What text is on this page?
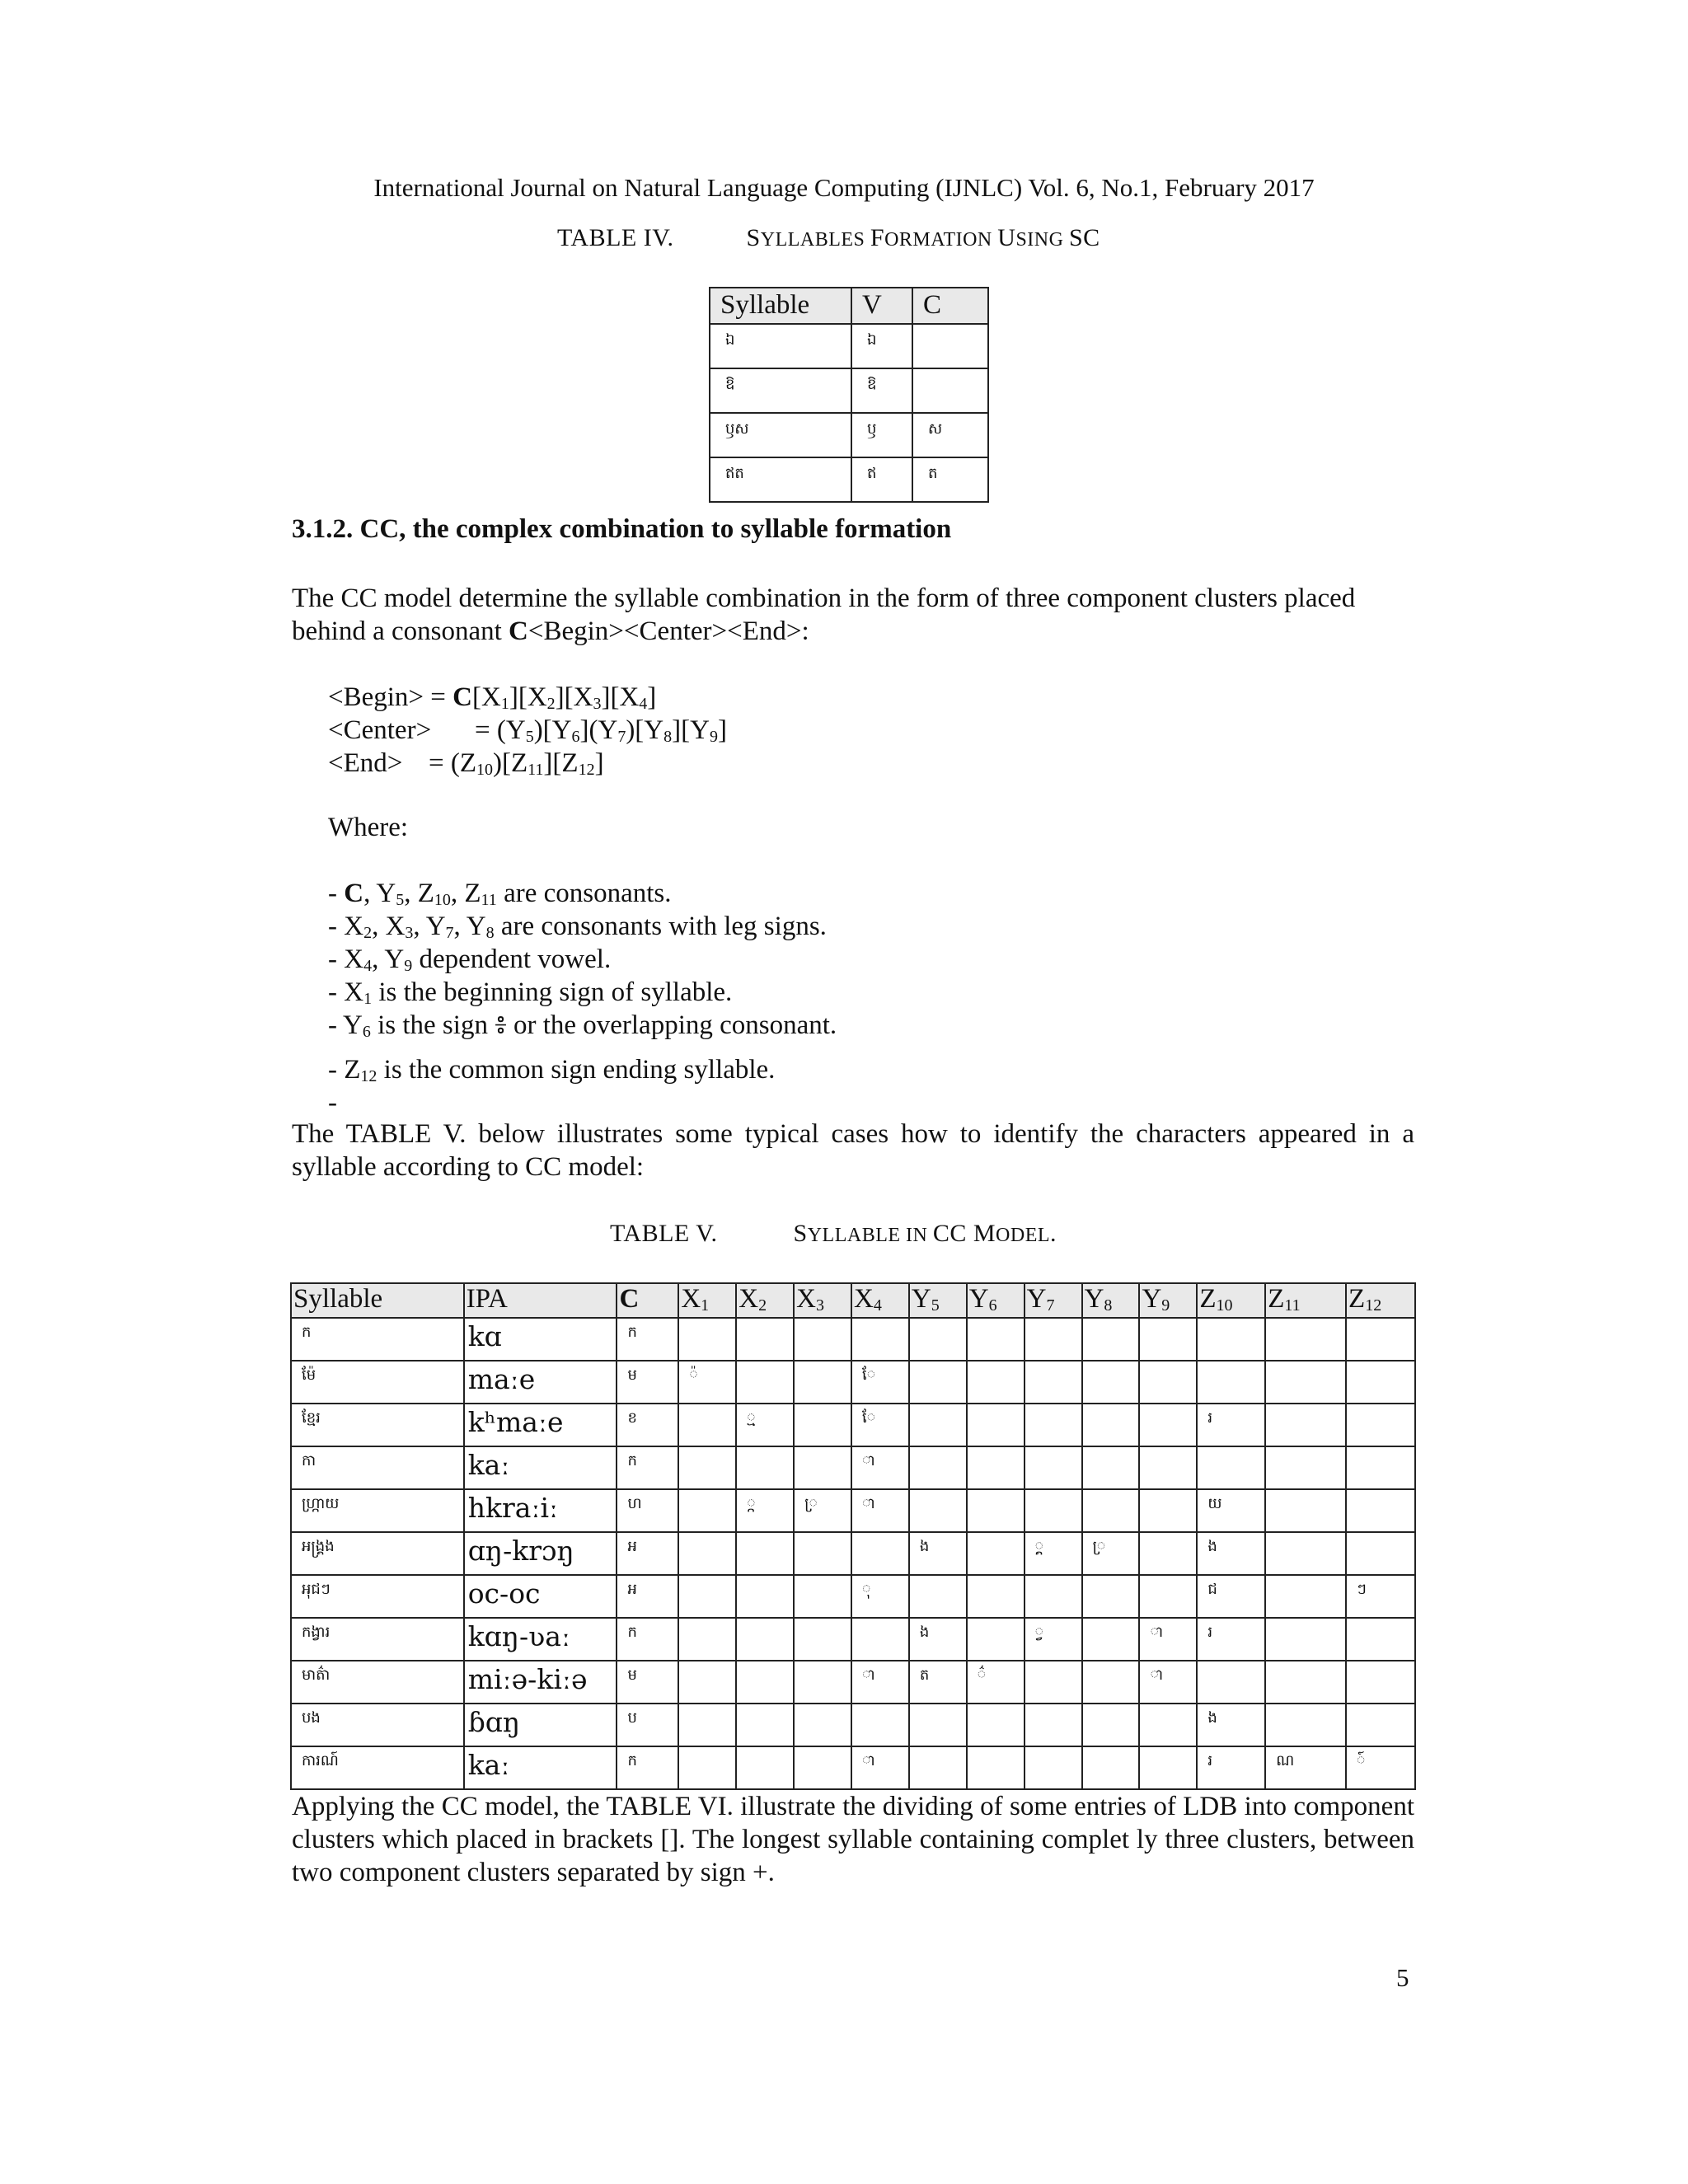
International Journal on Natural Language Computing (IJNLC) Vol. 6, No.1, February 2017
TABLE IV.	SYLLABLES FORMATION USING SC
Syllable	V	C
ឯ	ឯ	
ឱ	ឱ	
ឫស	ឫ	ស
ឥត	ឥ	ត
3.1.2. CC, the complex combination to syllable formation
The CC model determine the syllable combination in the form of three component clusters placed
behind a consonant C<Begin><Center><End>:
<Begin> = $C[X_1][X_2][X_3][X_4]$
<Center> = $(Y_5)[Y_6](Y_7)[Y_8][Y_9]$
$<End> = (Z_{10})[Z_{11}][Z_{12}]$
Where:
- C, $Y_5$, $Z_{10}$, $Z_{11}$ are consonants.
- $X_2$, $X_3$, $Y_7$, $Y_8$ are consonants with leg signs.
- $X_4$, $Y_9$ dependent vowel.
- $X_1$ is the beginning sign of syllable.
- $Y_6$ is the sign ៖ or the overlapping consonant.
- $Z_{12}$ is the common sign ending syllable.
-
The TABLE V. below illustrates some typical cases how to identify the characters appeared in a syllable according to CC model:
TABLE V.	SYLLABLE IN CC MODEL.
Syllable	IPA	C	$X_1$	$X_2$	$X_3$	$X_4$	$Y_5$	$Y_6$	$Y_7$	$Y_8$	$Y_9$	$Z_{10}$	$Z_{11}$	$Z_{12}$
ក	kɑ	ក												
ម៉ែ	maːe	ម	៉			ែ								
ខ្មែរ	kʰmaːe	ខ		្ម		ែ						រ		
កា	kaː	ក				ា								
ហ្ក្រាយ	hkraːiː	ហ		្ក	្រ	ា						យ		
អង្គ្រង	ɑŋ-krɔŋ	អ					ង		្គ	្រ		ង		
អុជៗ	oc-oc	អ				ុ						ជ		ៗ
កង្វារ	kɑŋ-ʋaː	ក					ង		្វ		ា	រ		
មាត៌ា	miːə-kiːə	ម				ា	ត	៌			ា			
បង	ɓɑŋ	ប										ង		
ការណ៍	kaː	ក				ា						រ	ណ	៍
Applying the CC model, the TABLE VI. illustrate the dividing of some entries of LDB into component clusters which placed in brackets []. The longest syllable containing complet ly three clusters, between two component clusters separated by sign +.
5
